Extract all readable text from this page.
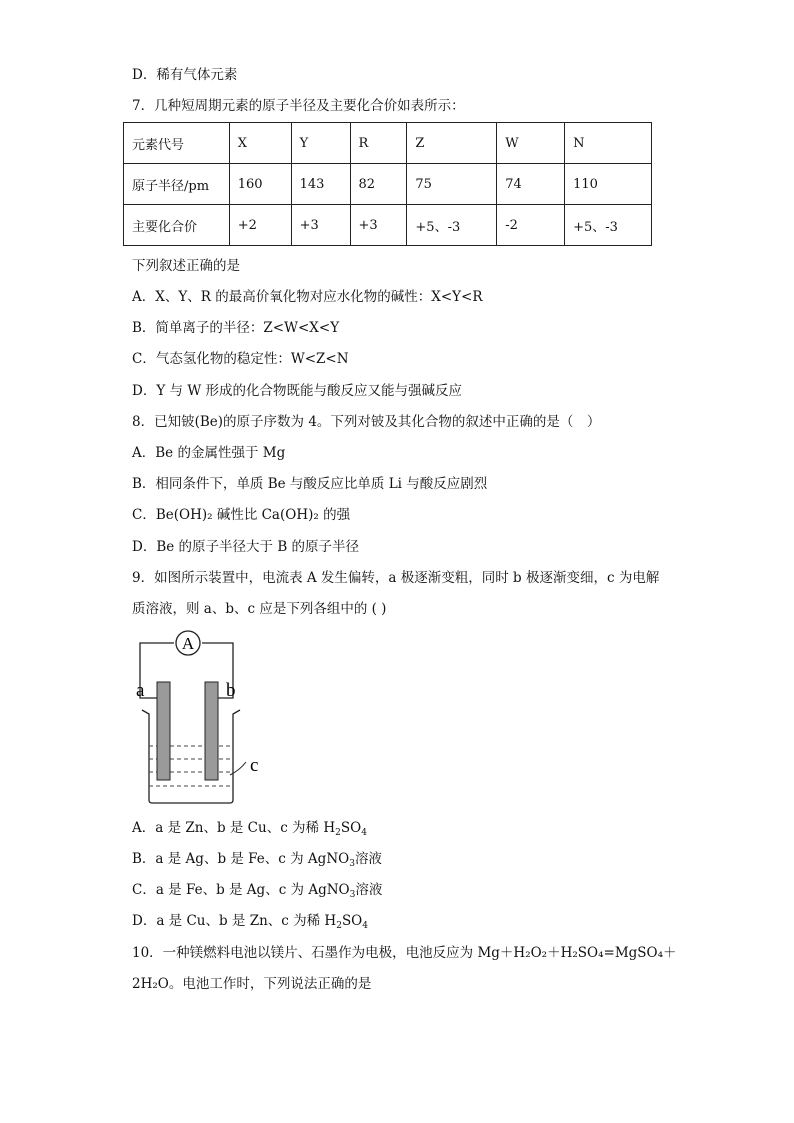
D．稀有气体元素
7．几种短周期元素的原子半径及主要化合价如表所示：
元素代号	X	Y	R	Z	W	N
原子半径/pm	160	143	82	75	74	110
主要化合价	+2	+3	+3	+5、-3	-2	+5、-3
下列叙述正确的是
A．X、Y、R 的最高价氧化物对应水化物的碱性：X<Y<R
B．简单离子的半径：Z<W<X<Y
C．气态氢化物的稳定性：W<Z<N
D．Y 与 W 形成的化合物既能与酸反应又能与强碱反应
8．已知铍(Be)的原子序数为 4。下列对铍及其化合物的叙述中正确的是（　）
A．Be 的金属性强于 Mg
B．相同条件下，单质 Be 与酸反应比单质 Li 与酸反应剧烈
C．Be(OH)₂ 碱性比 Ca(OH)₂ 的强
D．Be 的原子半径大于 B 的原子半径
9．如图所示装置中，电流表 A 发生偏转，a 极逐渐变粗，同时 b 极逐渐变细，c 为电解
质溶液，则 a、b、c 应是下列各组中的 ( )
A
a	b
c
A．a 是 Zn、b 是 Cu、c 为稀 $H_2SO_4$
B．a 是 Ag、b 是 Fe、c 为 AgNO$_3$溶液
C．a 是 Fe、b 是 Ag、c 为 AgNO$_3$溶液
D．a 是 Cu、b 是 Zn、c 为稀 $H_2SO_4$
10．一种镁燃料电池以镁片、石墨作为电极，电池反应为 Mg＋H₂O₂＋H₂SO₄=MgSO₄＋
2H₂O。电池工作时，下列说法正确的是
